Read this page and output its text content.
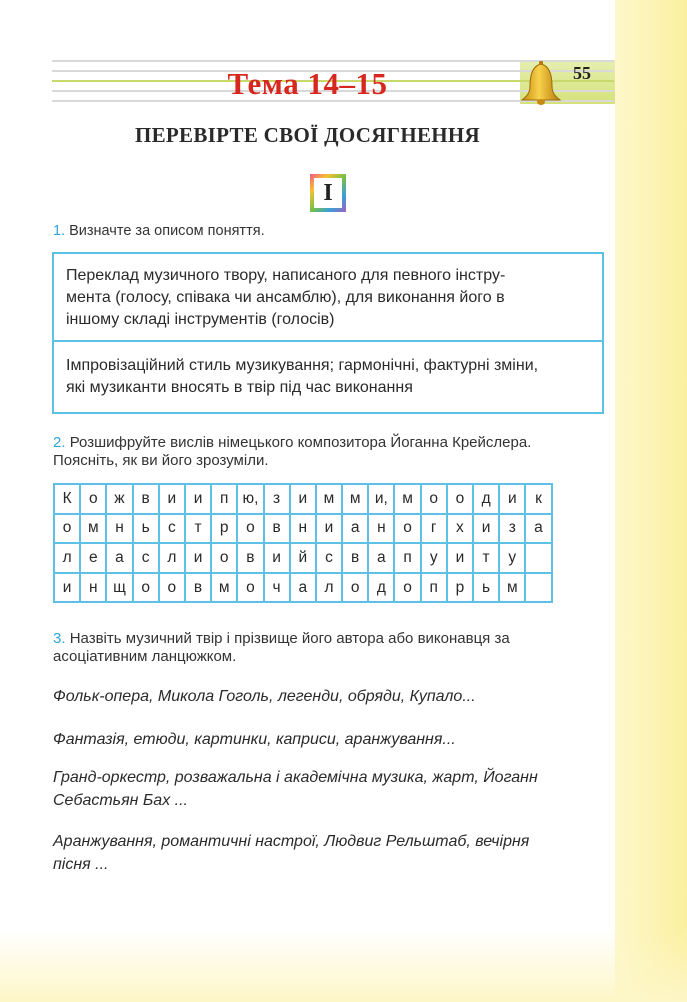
Тема 14–15	55
ПЕРЕВІРТЕ СВОЇ ДОСЯГНЕННЯ
I
1. Визначте за описом поняття.
Переклад музичного твору, написаного для певного інстру-
мента (голосу, співака чи ансамблю), для виконання його в
іншому складі інструментів (голосів)
Імпровізаційний стиль музикування; гармонічні, фактурні зміни,
які музиканти вносять в твір під час виконання
2. Розшифруйте вислів німецького композитора Йоганна Крейслера.
Поясніть, як ви його зрозуміли.
К	о	ж	в	и	и	п	ю,	з	и	м	м	и,	м	о	о	д	и	к
о	м	н	ь	с	т	р	о	в	н	и	а	н	о	г	х	и	з	а
л	е	а	с	л	и	о	в	и	й	с	в	а	п	у	и	т	у	
и	н	щ	о	о	в	м	о	ч	а	л	о	д	о	п	р	ь	м	
3. Назвіть музичний твір і прізвище його автора або виконавця за
асоціативним ланцюжком.
Фольк-опера, Микола Гоголь, легенди, обряди, Купало...
Фантазія, етюди, картинки, каприси, аранжування...
Гранд-оркестр, розважальна і академічна музика, жарт, Йоганн
Себастьян Бах ...
Аранжування, романтичні настрої, Людвиг Рельштаб, вечірня
пісня ...
